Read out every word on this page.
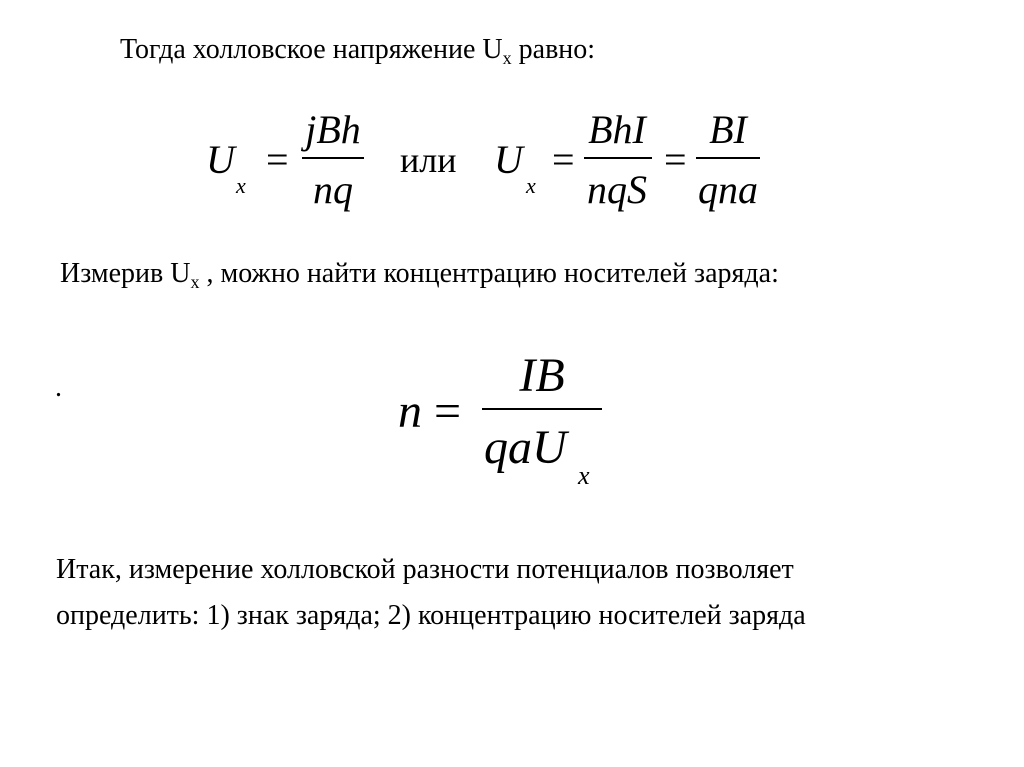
Тогда холловское напряжение $U_x$ равно:
U
x
=
jBh
nq
или U
x
=
BhI
nqS
=
BI
qna
Измерив $U_x$ , можно найти концентрацию носителей заряда:
.	n =
IB
qaU
x
Итак, измерение холловской разности потенциалов позволяет
определить: 1) знак заряда; 2) концентрацию носителей заряда
